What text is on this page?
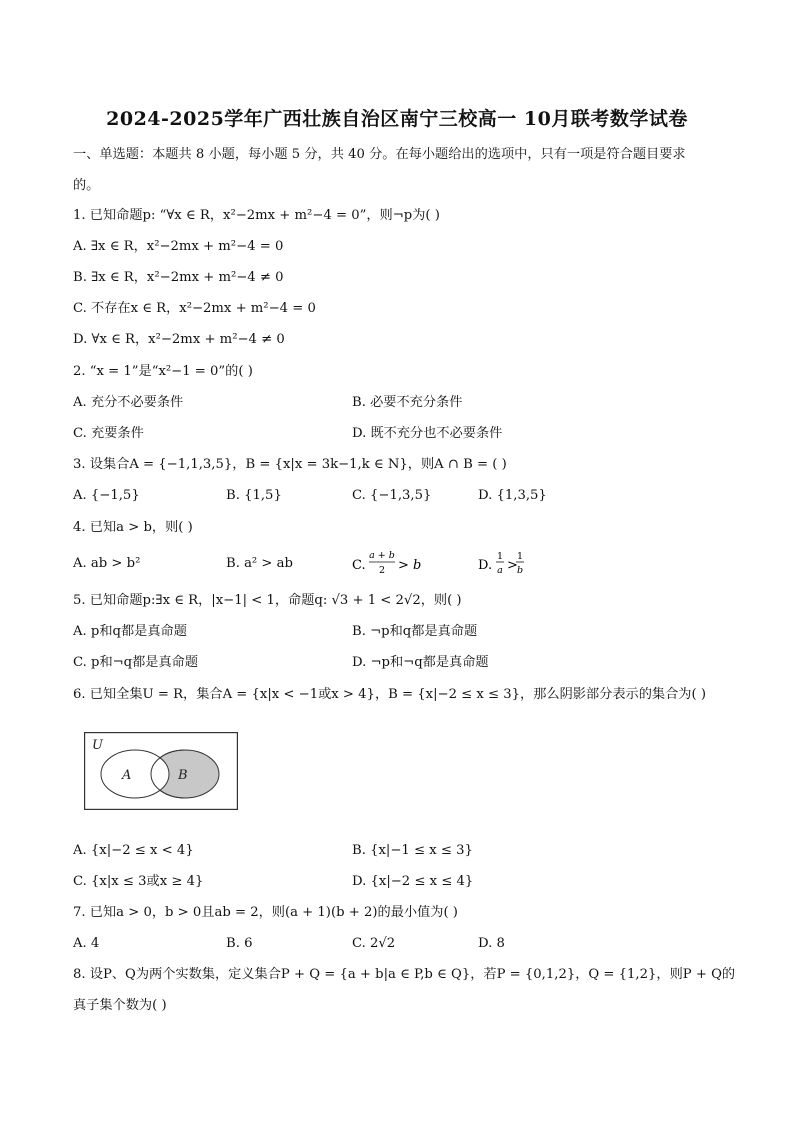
2024-2025学年广西壮族自治区南宁三校高一 10月联考数学试卷
一、单选题：本题共 8 小题，每小题 5 分，共 40 分。在每小题给出的选项中，只有一项是符合题目要求
的。
1. 已知命题p: “∀x ∈ R，x²−2mx + m²−4 = 0”，则¬p为( )
A. ∃x ∈ R，x²−2mx + m²−4 = 0
B. ∃x ∈ R，x²−2mx + m²−4 ≠ 0
C. 不存在x ∈ R，x²−2mx + m²−4 = 0
D. ∀x ∈ R，x²−2mx + m²−4 ≠ 0
2. “x = 1”是“x²−1 = 0”的( )
A. 充分不必要条件	B. 必要不充分条件
C. 充要条件	D. 既不充分也不必要条件
3. 设集合A = {−1,1,3,5}，B = {x|x = 3k−1,k ∈ N}，则A ∩ B = ( )
A. {−1,5}	B. {1,5}	C. {−1,3,5}	D. {1,3,5}
4. 已知a > b，则( )
A. ab > b²	B. a² > ab	C.
a + b
2 > b	D.
1
a >
1
b
5. 已知命题p:∃x ∈ R，|x−1| < 1，命题q: √3 + 1 < 2√2，则( )
A. p和q都是真命题	B. ¬p和q都是真命题
C. p和¬q都是真命题	D. ¬p和¬q都是真命题
6. 已知全集U = R，集合A = {x|x < −1或x > 4}，B = {x|−2 ≤ x ≤ 3}，那么阴影部分表示的集合为( )
U
A	B
A. {x|−2 ≤ x < 4}	B. {x|−1 ≤ x ≤ 3}
C. {x|x ≤ 3或x ≥ 4}	D. {x|−2 ≤ x ≤ 4}
7. 已知a > 0，b > 0且ab = 2，则(a + 1)(b + 2)的最小值为( )
A. 4	B. 6	C. 2√2	D. 8
8. 设P、Q为两个实数集，定义集合P + Q = {a + b|a ∈ P,b ∈ Q}，若P = {0,1,2}，Q = {1,2}，则P + Q的
真子集个数为( )
